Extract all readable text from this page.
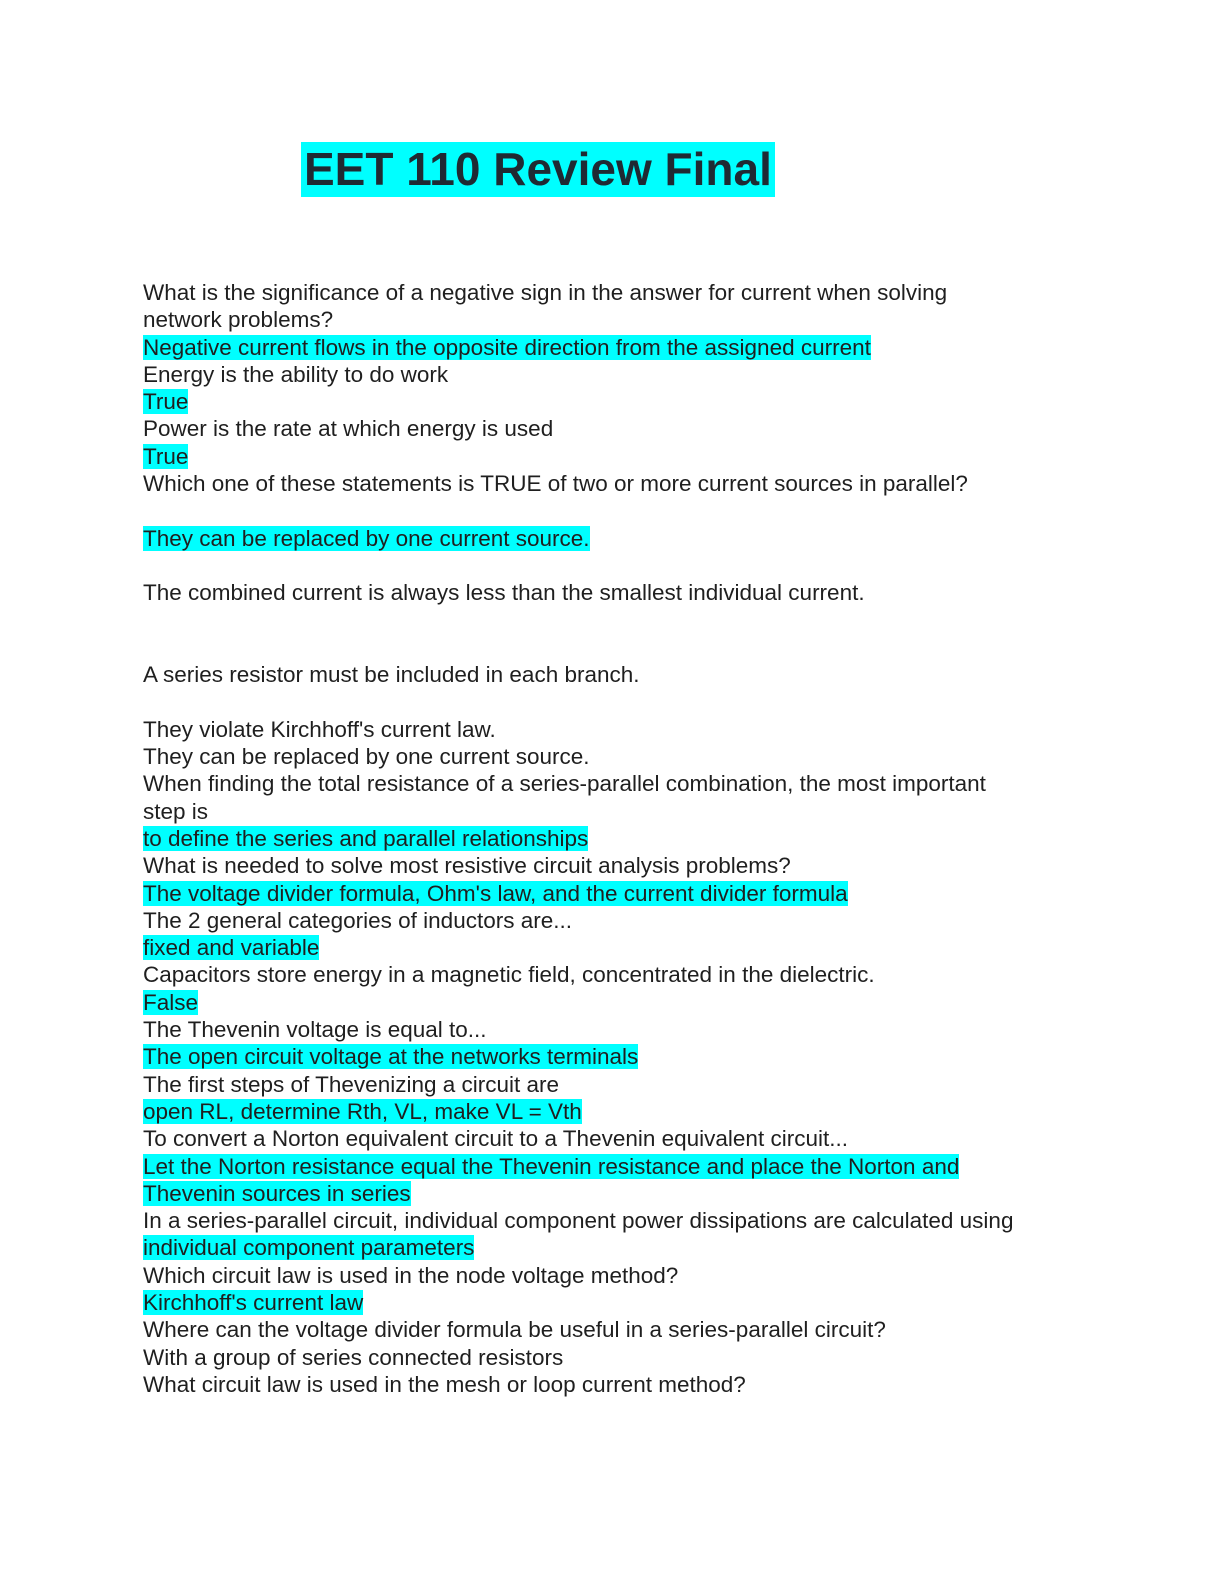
EET 110 Review Final
What is the significance of a negative sign in the answer for current when solving
network problems?
Negative current flows in the opposite direction from the assigned current
Energy is the ability to do work
True
Power is the rate at which energy is used
True
Which one of these statements is TRUE of two or more current sources in parallel?
They can be replaced by one current source.
The combined current is always less than the smallest individual current.
A series resistor must be included in each branch.
They violate Kirchhoff's current law.
They can be replaced by one current source.
When finding the total resistance of a series-parallel combination, the most important
step is
to define the series and parallel relationships
What is needed to solve most resistive circuit analysis problems?
The voltage divider formula, Ohm's law, and the current divider formula
The 2 general categories of inductors are...
fixed and variable
Capacitors store energy in a magnetic field, concentrated in the dielectric.
False
The Thevenin voltage is equal to...
The open circuit voltage at the networks terminals
The first steps of Thevenizing a circuit are
open RL, determine Rth, VL, make VL = Vth
To convert a Norton equivalent circuit to a Thevenin equivalent circuit...
Let the Norton resistance equal the Thevenin resistance and place the Norton and
Thevenin sources in series
In a series-parallel circuit, individual component power dissipations are calculated using
individual component parameters
Which circuit law is used in the node voltage method?
Kirchhoff's current law
Where can the voltage divider formula be useful in a series-parallel circuit?
With a group of series connected resistors
What circuit law is used in the mesh or loop current method?
